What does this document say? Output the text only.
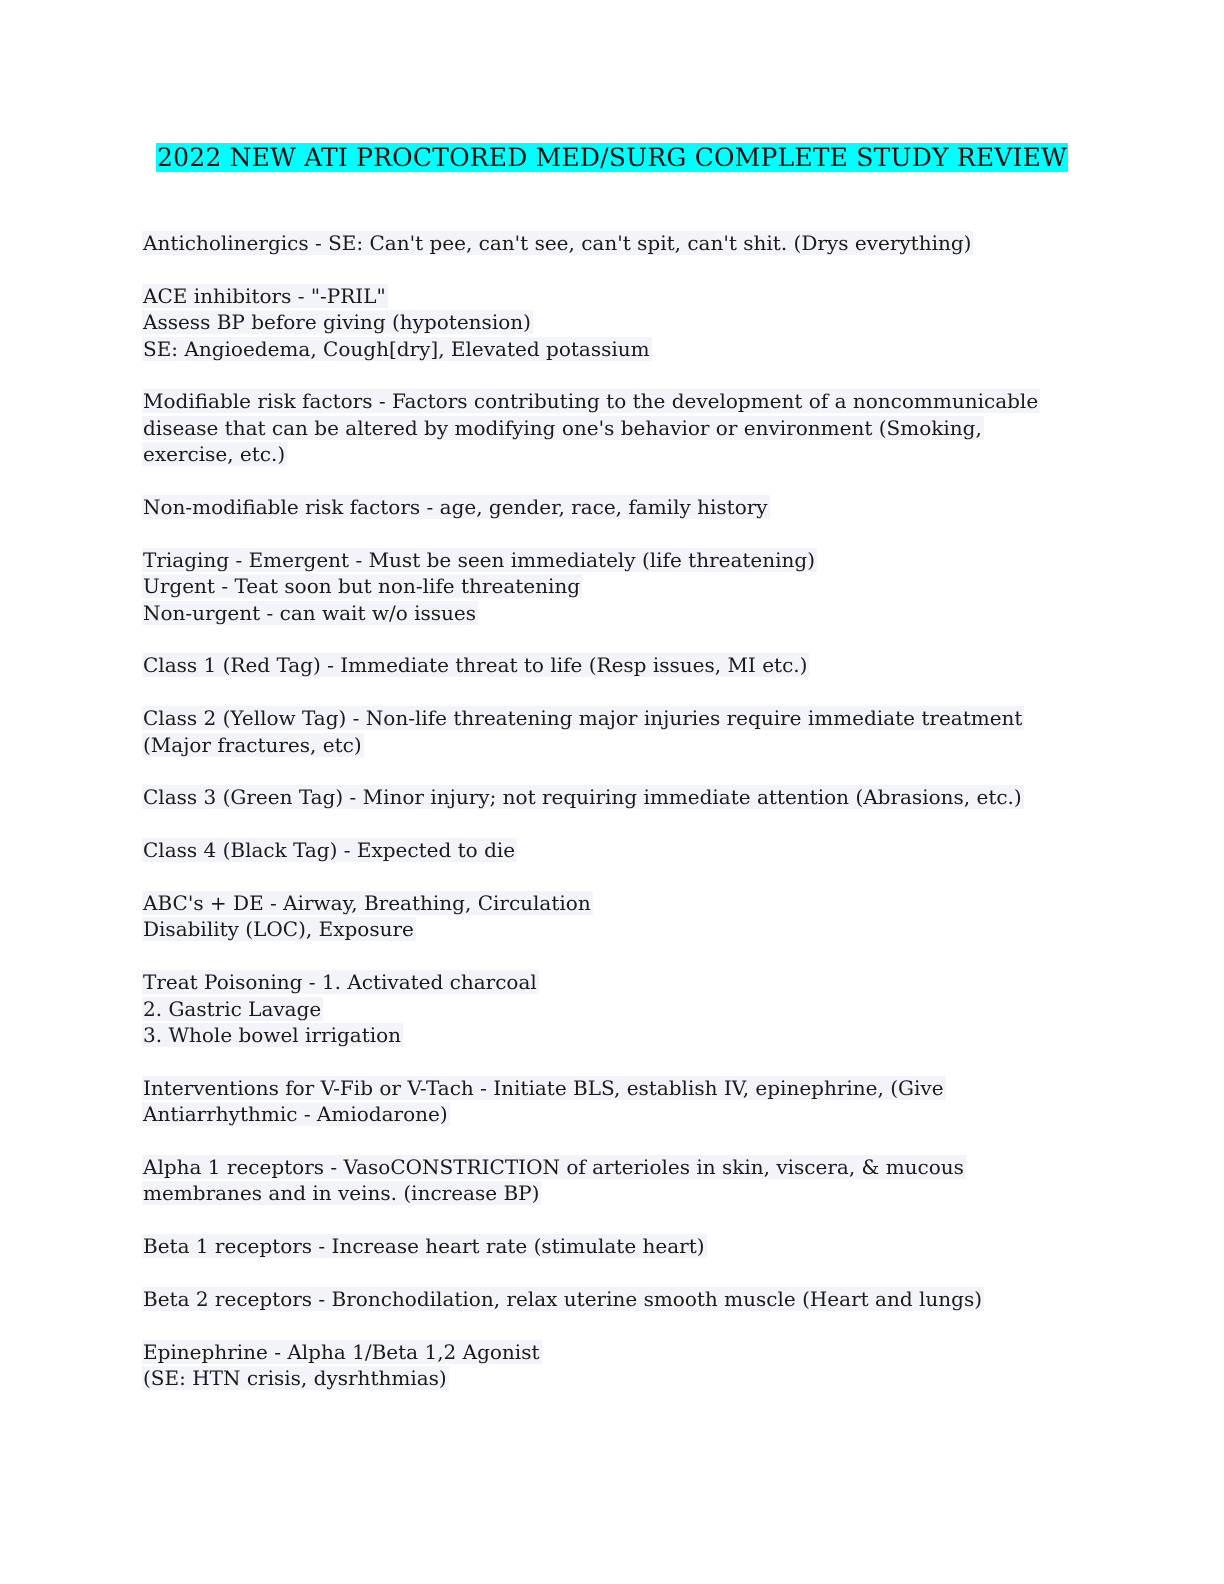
2022 NEW ATI PROCTORED MED/SURG COMPLETE STUDY REVIEW
Anticholinergics - SE: Can't pee, can't see, can't spit, can't shit. (Drys everything)
ACE inhibitors - "-PRIL"
Assess BP before giving (hypotension)
SE: Angioedema, Cough[dry], Elevated potassium
Modifiable risk factors - Factors contributing to the development of a noncommunicable disease that can be altered by modifying one's behavior or environment (Smoking, exercise, etc.)
Non-modifiable risk factors - age, gender, race, family history
Triaging - Emergent - Must be seen immediately (life threatening)
Urgent - Teat soon but non-life threatening
Non-urgent - can wait w/o issues
Class 1 (Red Tag) - Immediate threat to life (Resp issues, MI etc.)
Class 2 (Yellow Tag) - Non-life threatening major injuries require immediate treatment (Major fractures, etc)
Class 3 (Green Tag) - Minor injury; not requiring immediate attention (Abrasions, etc.)
Class 4 (Black Tag) - Expected to die
ABC's + DE - Airway, Breathing, Circulation
Disability (LOC), Exposure
Treat Poisoning - 1. Activated charcoal
2. Gastric Lavage
3. Whole bowel irrigation
Interventions for V-Fib or V-Tach - Initiate BLS, establish IV, epinephrine, (Give Antiarrhythmic - Amiodarone)
Alpha 1 receptors - VasoCONSTRICTION of arterioles in skin, viscera, & mucous membranes and in veins. (increase BP)
Beta 1 receptors - Increase heart rate (stimulate heart)
Beta 2 receptors - Bronchodilation, relax uterine smooth muscle (Heart and lungs)
Epinephrine - Alpha 1/Beta 1,2 Agonist
(SE: HTN crisis, dysrhthmias)
